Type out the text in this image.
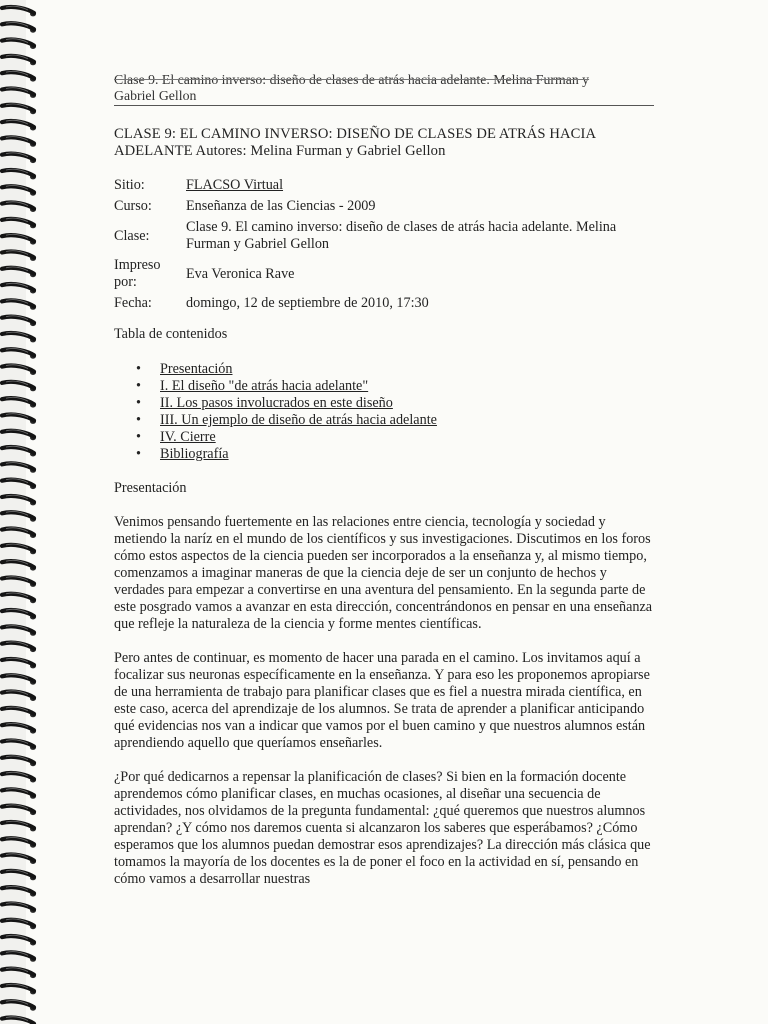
Clase 9. El camino inverso: diseño de clases de atrás hacia adelante. Melina Furman y
Gabriel Gellon
CLASE 9: EL CAMINO INVERSO: DISEÑO DE CLASES DE ATRÁS HACIA ADELANTE Autores: Melina Furman y Gabriel Gellon
Sitio:	FLACSO Virtual
Curso:	Enseñanza de las Ciencias - 2009
Clase:	Clase 9. El camino inverso: diseño de clases de atrás hacia adelante. Melina Furman y Gabriel Gellon
Impreso por:	Eva Veronica Rave
Fecha:	domingo, 12 de septiembre de 2010, 17:30
Tabla de contenidos
• Presentación
• I. El diseño "de atrás hacia adelante"
• II. Los pasos involucrados en este diseño
• III. Un ejemplo de diseño de atrás hacia adelante
• IV. Cierre
• Bibliografía
Presentación

Venimos pensando fuertemente en las relaciones entre ciencia, tecnología y sociedad y metiendo la naríz en el mundo de los científicos y sus investigaciones. Discutimos en los foros cómo estos aspectos de la ciencia pueden ser incorporados a la enseñanza y, al mismo tiempo, comenzamos a imaginar maneras de que la ciencia deje de ser un conjunto de hechos y verdades para empezar a convertirse en una aventura del pensamiento. En la segunda parte de este posgrado vamos a avanzar en esta dirección, concentrándonos en pensar en una enseñanza que refleje la naturaleza de la ciencia y forme mentes científicas.

Pero antes de continuar, es momento de hacer una parada en el camino. Los invitamos aquí a focalizar sus neuronas específicamente en la enseñanza. Y para eso les proponemos apropiarse de una herramienta de trabajo para planificar clases que es fiel a nuestra mirada científica, en este caso, acerca del aprendizaje de los alumnos. Se trata de aprender a planificar anticipando qué evidencias nos van a indicar que vamos por el buen camino y que nuestros alumnos están aprendiendo aquello que queríamos enseñarles.

¿Por qué dedicarnos a repensar la planificación de clases? Si bien en la formación docente aprendemos cómo planificar clases, en muchas ocasiones, al diseñar una secuencia de actividades, nos olvidamos de la pregunta fundamental: ¿qué queremos que nuestros alumnos aprendan? ¿Y cómo nos daremos cuenta si alcanzaron los saberes que esperábamos? ¿Cómo esperamos que los alumnos puedan demostrar esos aprendizajes? La dirección más clásica que tomamos la mayoría de los docentes es la de poner el foco en la actividad en sí, pensando en cómo vamos a desarrollar nuestras
